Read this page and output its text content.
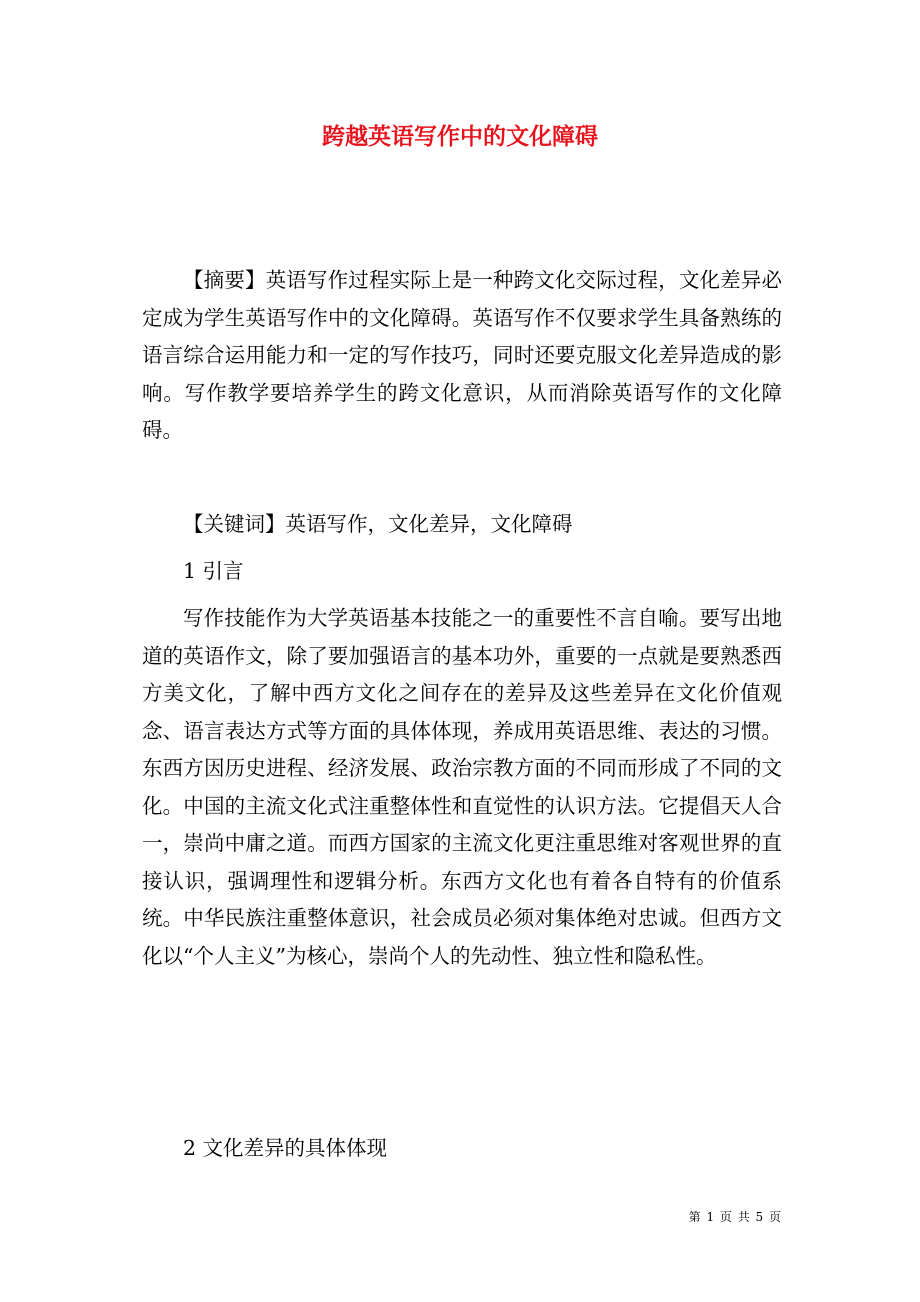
跨越英语写作中的文化障碍

【摘要】英语写作过程实际上是一种跨文化交际过程，文化差异必定成为学生英语写作中的文化障碍。英语写作不仅要求学生具备熟练的语言综合运用能力和一定的写作技巧，同时还要克服文化差异造成的影响。写作教学要培养学生的跨文化意识，从而消除英语写作的文化障碍。

【关键词】英语写作，文化差异，文化障碍

1 引言

写作技能作为大学英语基本技能之一的重要性不言自喻。要写出地道的英语作文，除了要加强语言的基本功外，重要的一点就是要熟悉西方美文化，了解中西方文化之间存在的差异及这些差异在文化价值观念、语言表达方式等方面的具体体现，养成用英语思维、表达的习惯。东西方因历史进程、经济发展、政治宗教方面的不同而形成了不同的文化。中国的主流文化式注重整体性和直觉性的认识方法。它提倡天人合一，崇尚中庸之道。而西方国家的主流文化更注重思维对客观世界的直接认识，强调理性和逻辑分析。东西方文化也有着各自特有的价值系统。中华民族注重整体意识，社会成员必须对集体绝对忠诚。但西方文化以“个人主义”为核心，崇尚个人的先动性、独立性和隐私性。

2 文化差异的具体体现

第 1 页 共 5 页
